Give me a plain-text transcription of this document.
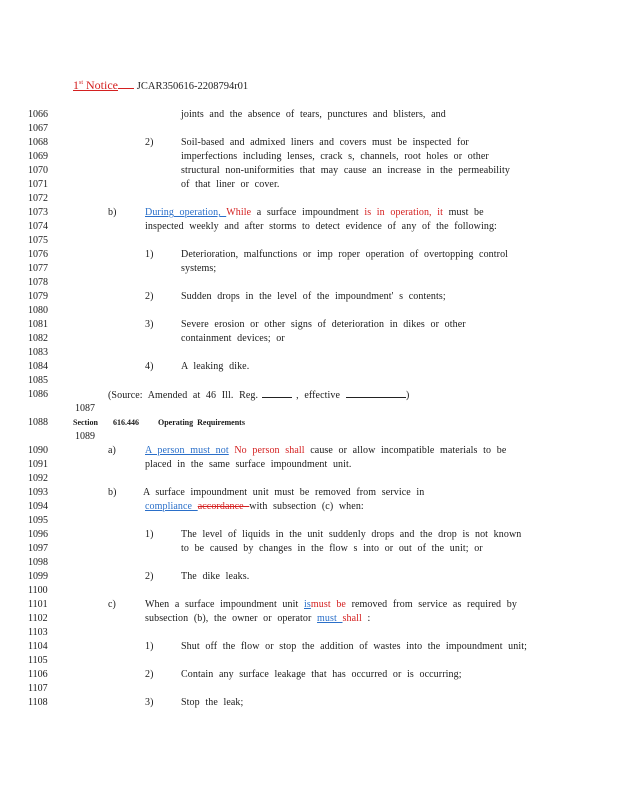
1st Notice JCAR350616-2208794r01
1066	joints and the absence of tears, punctures and blisters, and
1067
1068	2)	Soil-based and admixed liners and covers must be inspected for
1069	imperfections including lenses, crack s, channels, root holes or other
1070	structural non-uniformities that may cause an increase in the permeability
1071	of that liner or cover.
1072
1073	b)	During operation, While a surface impoundment is in operation, it must be
1074	inspected weekly and after storms to detect evidence of any of the following:
1075
1076	1)	Deterioration, malfunctions or imp roper operation of overtopping control
1077	systems;
1078
1079	2)	Sudden drops in the level of the impoundment' s contents;
1080
1081	3)	Severe erosion or other signs of deterioration in dikes or other
1082	containment devices; or
1083
1084	4)	A leaking dike.
1085
1086	(Source: Amended at 46 Ill. Reg.	, effective	)
1087
1088	Section 616.446 Operating Requirements
1089
1090	a)	A person must not No person shall cause or allow incompatible materials to be
1091	placed in the same surface impoundment unit.
1092
1093	b)	A surface impoundment unit must be removed from service in
1094	compliance accordance with subsection (c) when:
1095
1096	1)	The level of liquids in the unit suddenly drops and the drop is not known
1097	to be caused by changes in the flow s into or out of the unit; or
1098
1099	2)	The dike leaks.
1100
1101	c)	When a surface impoundment unit ismust be removed from service as required by
1102	subsection (b), the owner or operator must shall :
1103
1104	1)	Shut off the flow or stop the addition of wastes into the impoundment unit;
1105
1106	2)	Contain any surface leakage that has occurred or is occurring;
1107
1108	3)	Stop the leak;
